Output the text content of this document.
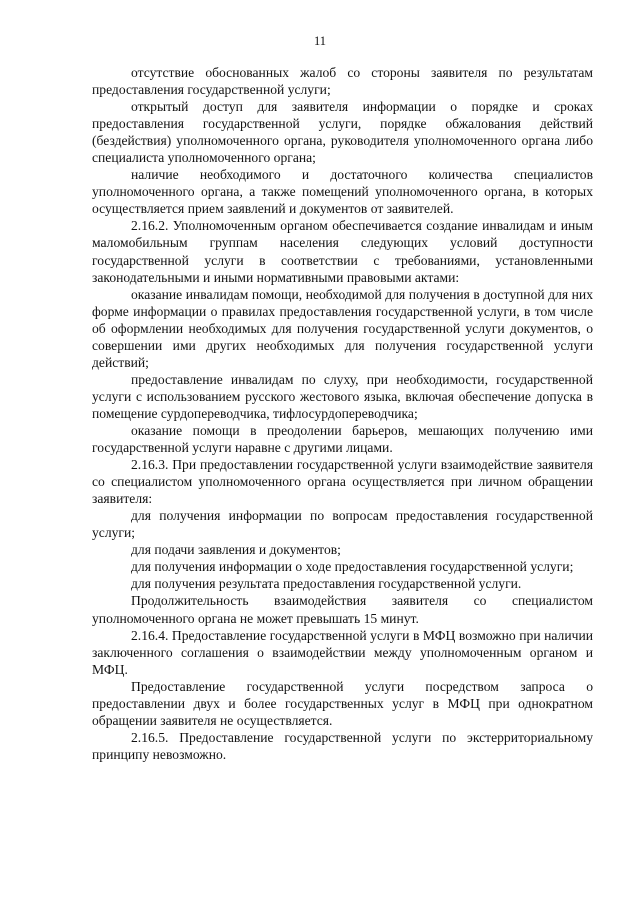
11

отсутствие обоснованных жалоб со стороны заявителя по результатам предоставления государственной услуги;

открытый доступ для заявителя информации о порядке и сроках предоставления государственной услуги, порядке обжалования действий (бездействия) уполномоченного органа, руководителя уполномоченного органа либо специалиста уполномоченного органа;

наличие необходимого и достаточного количества специалистов уполномоченного органа, а также помещений уполномоченного органа, в которых осуществляется прием заявлений и документов от заявителей.

2.16.2. Уполномоченным органом обеспечивается создание инвалидам и иным маломобильным группам населения следующих условий доступности государственной услуги в соответствии с требованиями, установленными законодательными и иными нормативными правовыми актами:

оказание инвалидам помощи, необходимой для получения в доступной для них форме информации о правилах предоставления государственной услуги, в том числе об оформлении необходимых для получения государственной услуги документов, о совершении ими других необходимых для получения государственной услуги действий;

предоставление инвалидам по слуху, при необходимости, государственной услуги с использованием русского жестового языка, включая обеспечение допуска в помещение сурдопереводчика, тифлосурдопереводчика;

оказание помощи в преодолении барьеров, мешающих получению ими государственной услуги наравне с другими лицами.

2.16.3. При предоставлении государственной услуги взаимодействие заявителя со специалистом уполномоченного органа осуществляется при личном обращении заявителя:

для получения информации по вопросам предоставления государственной услуги;

для подачи заявления и документов;

для получения информации о ходе предоставления государственной услуги;

для получения результата предоставления государственной услуги.

Продолжительность взаимодействия заявителя со специалистом уполномоченного органа не может превышать 15 минут.

2.16.4. Предоставление государственной услуги в МФЦ возможно при наличии заключенного соглашения о взаимодействии между уполномоченным органом и МФЦ.

Предоставление государственной услуги посредством запроса о предоставлении двух и более государственных услуг в МФЦ при однократном обращении заявителя не осуществляется.

2.16.5. Предоставление государственной услуги по экстерриториальному принципу невозможно.
